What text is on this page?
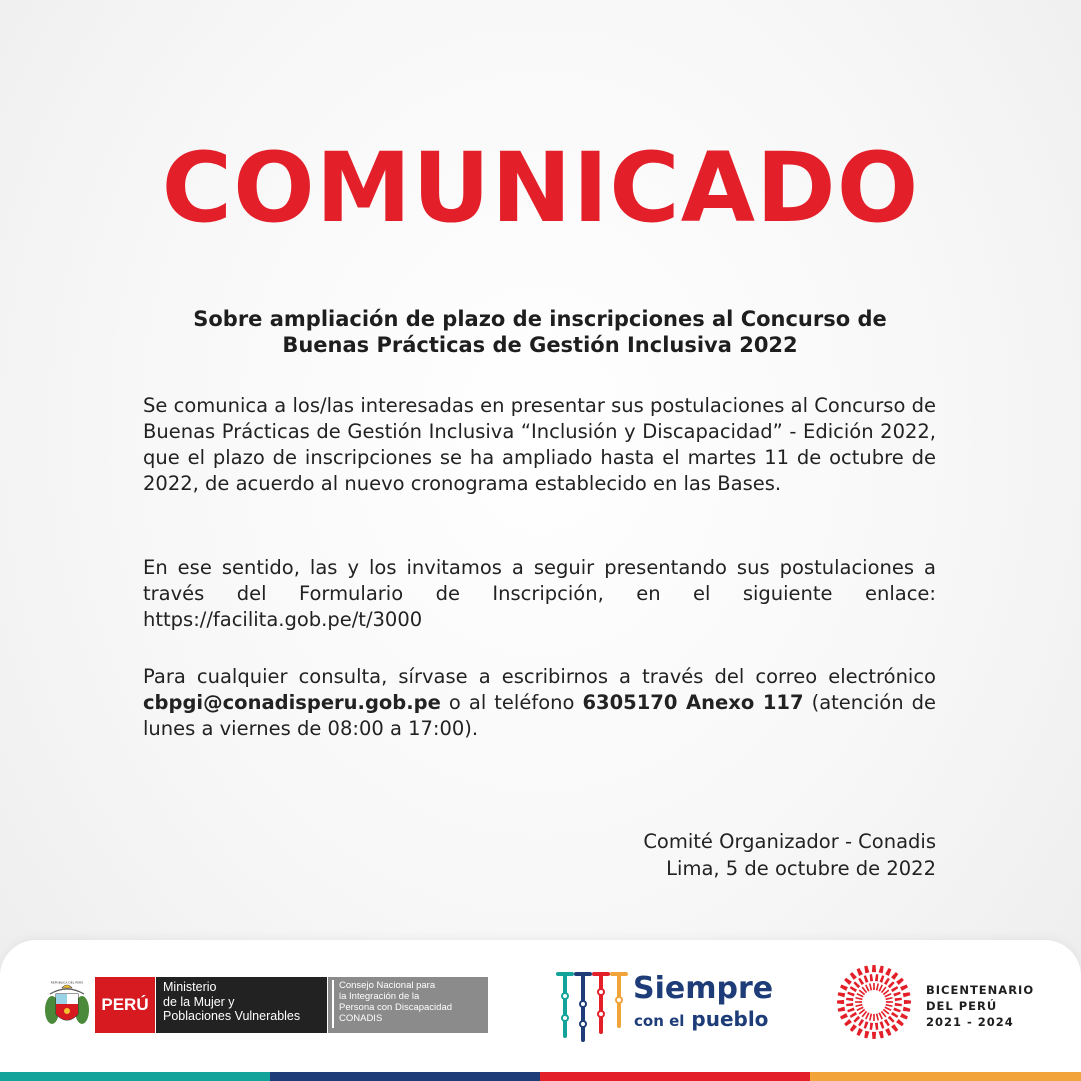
COMUNICADO
Sobre ampliación de plazo de inscripciones al Concurso de
Buenas Prácticas de Gestión Inclusiva 2022
Se comunica a los/las interesadas en presentar sus postulaciones al Concurso de Buenas Prácticas de Gestión Inclusiva “Inclusión y Discapacidad” - Edición 2022, que el plazo de inscripciones se ha ampliado hasta el martes 11 de octubre de 2022, de acuerdo al nuevo cronograma establecido en las Bases.
En ese sentido, las y los invitamos a seguir presentando sus postulaciones a través del Formulario de Inscripción, en el siguiente enlace: https://facilita.gob.pe/t/3000
Para cualquier consulta, sírvase a escribirnos a través del correo electrónico cbpgi@conadisperu.gob.pe o al teléfono 6305170 Anexo 117 (atención de lunes a viernes de 08:00 a 17:00).
Comité Organizador - Conadis
Lima, 5 de octubre de 2022
REPÚBLICA DEL PERÚ
PERÚ
Ministerio
de la Mujer y
Poblaciones Vulnerables
Consejo Nacional para
la Integración de la
Persona con Discapacidad
CONADIS
Siempre
con el pueblo
BICENTENARIO
DEL PERÚ
2021 - 2024
